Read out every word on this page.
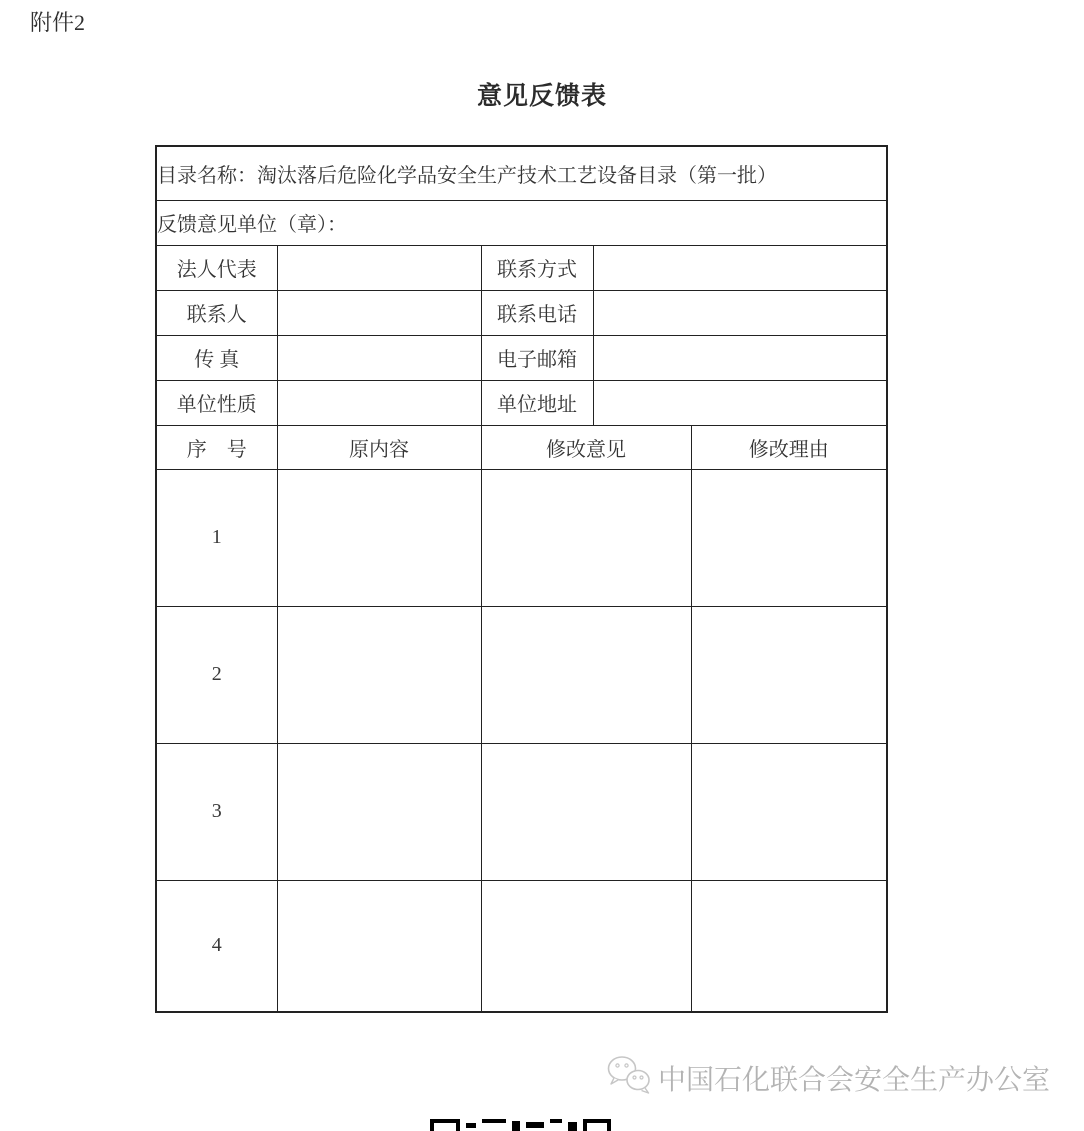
附件2
意见反馈表
目录名称：淘汰落后危险化学品安全生产技术工艺设备目录（第一批）				
反馈意见单位（章）：				
法人代表		联系方式		
联系人		联系电话		
传 真		电子邮箱		
单位性质		单位地址		
序　号	原内容	修改意见		修改理由
1				
2				
3				
4				
中国石化联合会安全生产办公室
